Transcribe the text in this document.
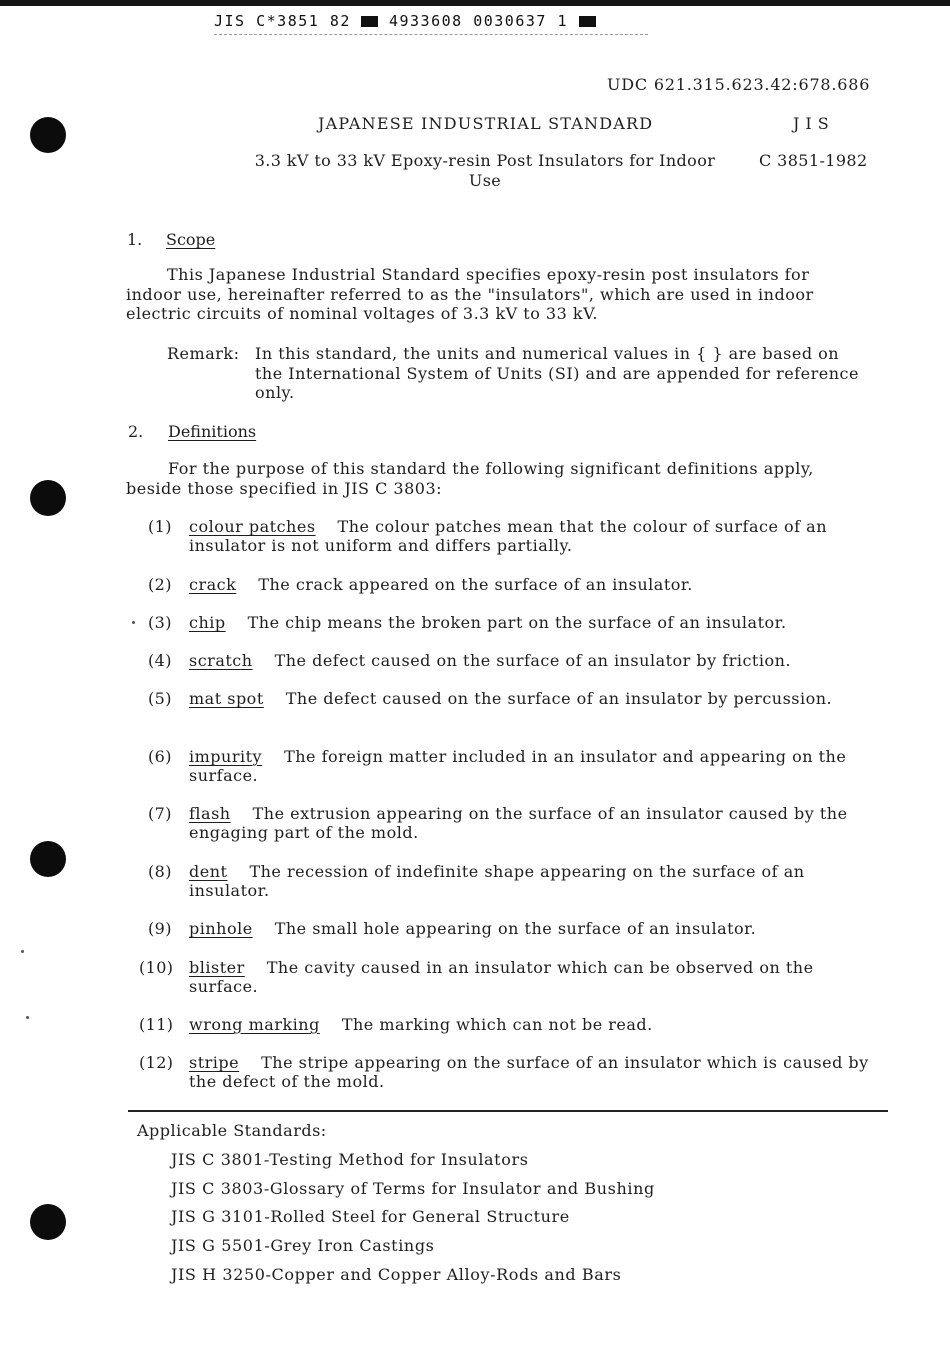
JIS C*3851 82	4933608 0030637 1
UDC 621.315.623.42:678.686
JAPANESE INDUSTRIAL STANDARD	JIS
3.3 kV to 33 kV Epoxy-resin Post Insulators for Indoor Use
C 3851-1982
1. Scope
This Japanese Industrial Standard specifies epoxy-resin post insulators for indoor use, hereinafter referred to as the "insulators", which are used in indoor electric circuits of nominal voltages of 3.3 kV to 33 kV.
Remark: In this standard, the units and numerical values in { } are based on the International System of Units (SI) and are appended for reference only.
2. Definitions
For the purpose of this standard the following significant definitions apply, beside those specified in JIS C 3803:
(1) colour patches The colour patches mean that the colour of surface of an insulator is not uniform and differs partially.
(2) crack The crack appeared on the surface of an insulator.
(3) chip The chip means the broken part on the surface of an insulator.
(4) scratch The defect caused on the surface of an insulator by friction.
(5) mat spot The defect caused on the surface of an insulator by percussion.
(6) impurity The foreign matter included in an insulator and appearing on the surface.
(7) flash The extrusion appearing on the surface of an insulator caused by the engaging part of the mold.
(8) dent The recession of indefinite shape appearing on the surface of an insulator.
(9) pinhole The small hole appearing on the surface of an insulator.
(10) blister The cavity caused in an insulator which can be observed on the surface.
(11) wrong marking The marking which can not be read.
(12) stripe The stripe appearing on the surface of an insulator which is caused by the defect of the mold.
Applicable Standards:
JIS C 3801-Testing Method for Insulators
JIS C 3803-Glossary of Terms for Insulator and Bushing
JIS G 3101-Rolled Steel for General Structure
JIS G 5501-Grey Iron Castings
JIS H 3250-Copper and Copper Alloy-Rods and Bars
